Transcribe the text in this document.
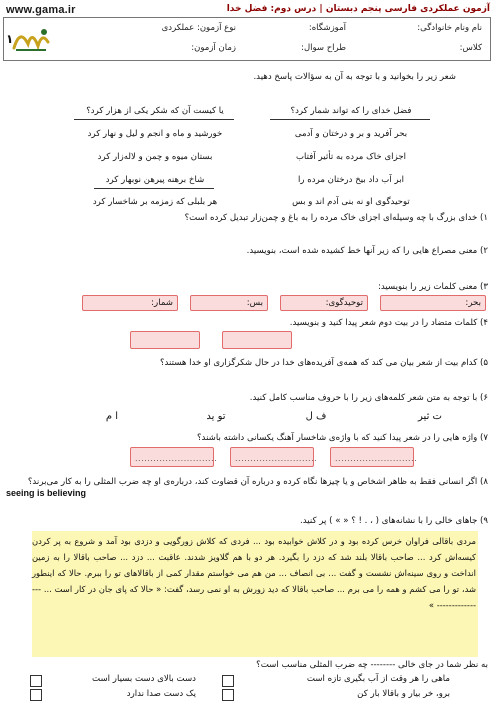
www.gama.ir	آزمون عملکردی فارسی پنجم دبستان | درس دوم: فضل خدا
نام ونام خانوادگی:
آموزشگاه:
نوع آزمون: عملکردی
کلاس:
طراح سوال:
زمان آزمون:
۱
شعر زیر را بخوانید و با توجه به آن به سؤالات پاسخ دهید.
فضل خدای را که تواند شمار کرد؟
یا کیست آن که شکر یکی از هزار کرد؟
بحر آفرید و بر و درختان و آدمی
خورشید و ماه و انجم و لیل و نهار کرد
اجزای خاک مرده به تأثیر آفتاب
بستان میوه و چمن و لاله‌زار کرد
ابر آب داد بیخ درختان مرده را
شاخ برهنه پیرهن نوبهار کرد
توحیدگوی او نه بنی آدم اند و بس
هر بلبلی که زمزمه بر شاخسار کرد
۱) خدای بزرگ با چه وسیله‌ای اجزای خاک مرده را به باغ و چمن‌زار تبدیل کرده است؟
۲) معنی مصراع هایی را که زیر آنها خط کشیده شده است، بنویسید.
۳) معنی کلمات زیر را بنویسید:
بحر:
توحیدگوی:
بس:
شمار:
۴) کلمات متضاد را در بیت دوم شعر پیدا کنید و بنویسید.
۵) کدام بیت از شعر بیان می کند که همه‌ی آفریده‌های خدا در حال شکرگزاری او خدا هستند؟
۶) با توجه به متن شعر کلمه‌های زیر را با حروف مناسب کامل کنید.
ت ثیر
ف ل
تو ید
ا م
۷) واژه هایی را در شعر پیدا کنید که با واژه‌ی شاخسار آهنگ یکسانی داشته باشند؟
........................... ........................... ...........................
۸) اگر انسانی فقط به ظاهر اشخاص و یا چیزها نگاه کرده و درباره آن قضاوت کند، درباره‌ی او چه ضرب المثلی را به کار می‌برند؟
seeing is believing
۹) جاهای خالی را با نشانه‌های ( ، . ! ؟ « » ) پر کنید.
مردی باقالی فراوان خرس کرده بود و در کلاش خوابیده بود ... فردی که کلاش زورگویی و دزدی بود آمد و شروع به پر کردن کیسه‌اش کرد ... صاحب باقالا بلند شد که دزد را بگیرد. هر دو با هم گلاویز شدند. عاقبت ... دزد ... صاحب باقالا را به زمین انداخت و روی سینه‌اش نشست و گفت ... بی انصاف ... من هم می خواستم مقدار کمی از باقالاهای تو را ببرم. حالا که اینطور شد، تو را می کشم و همه را می برم ... صاحب باقالا که دید زورش به او نمی رسد، گفت: « حالا که پای جان در کار است ... ---------------- »
به نظر شما در جای خالی -------- چه ضرب المثلی مناسب است؟
دست بالای دست بسیار است	ماهی را هر وقت از آب بگیری تازه است
یک دست صدا ندارد	برو، خر بیار و باقالا بار کن
